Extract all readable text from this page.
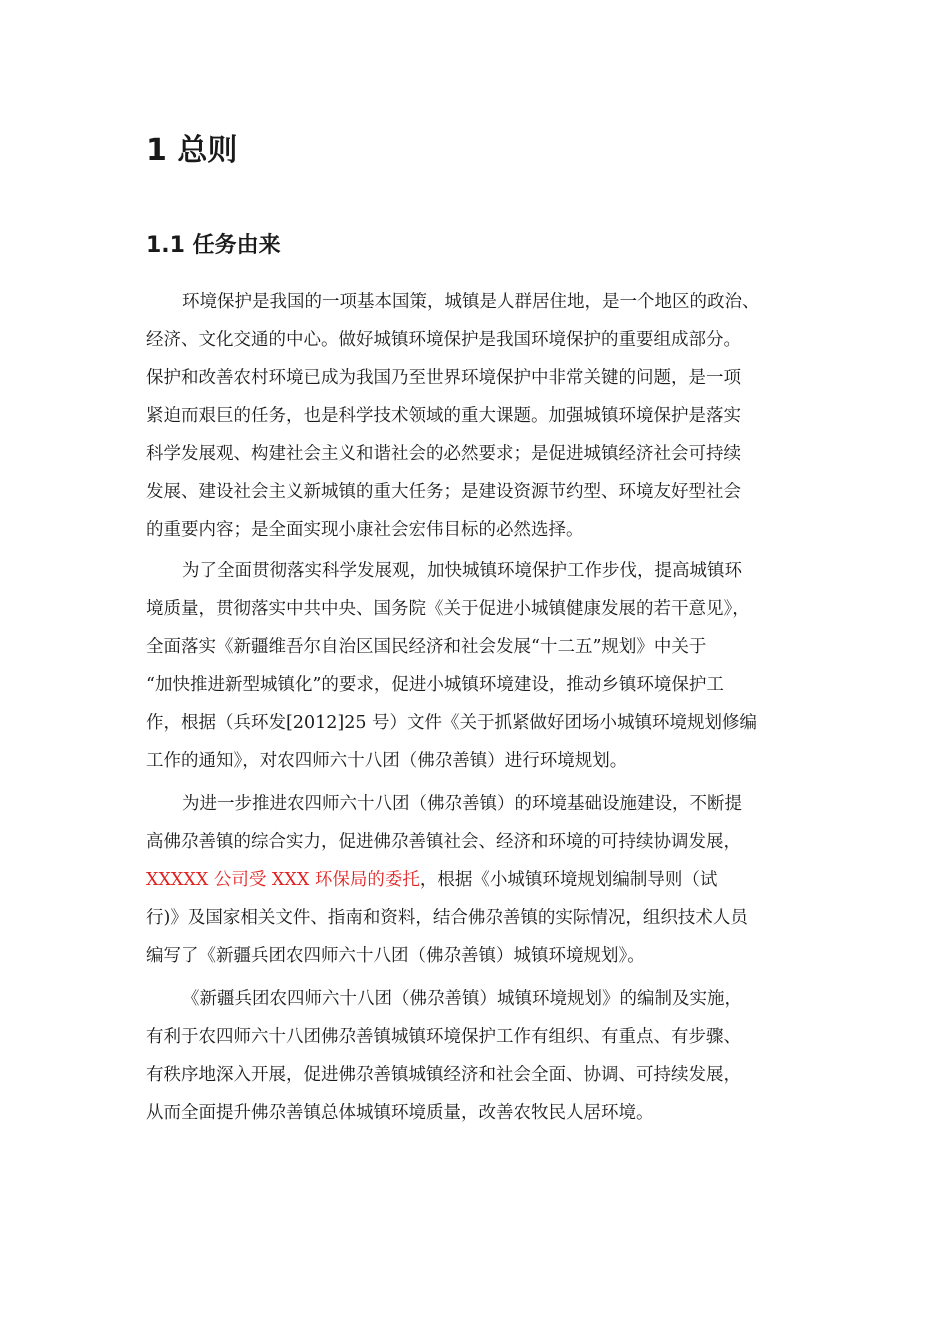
1 总则
1.1 任务由来
环境保护是我国的一项基本国策，城镇是人群居住地，是一个地区的政治、
经济、文化交通的中心。做好城镇环境保护是我国环境保护的重要组成部分。
保护和改善农村环境已成为我国乃至世界环境保护中非常关键的问题，是一项
紧迫而艰巨的任务，也是科学技术领域的重大课题。加强城镇环境保护是落实
科学发展观、构建社会主义和谐社会的必然要求；是促进城镇经济社会可持续
发展、建设社会主义新城镇的重大任务；是建设资源节约型、环境友好型社会
的重要内容；是全面实现小康社会宏伟目标的必然选择。
为了全面贯彻落实科学发展观，加快城镇环境保护工作步伐，提高城镇环
境质量，贯彻落实中共中央、国务院《关于促进小城镇健康发展的若干意见》，
全面落实《新疆维吾尔自治区国民经济和社会发展“十二五”规划》中关于
“加快推进新型城镇化”的要求，促进小城镇环境建设，推动乡镇环境保护工
作，根据（兵环发[2012]25 号）文件《关于抓紧做好团场小城镇环境规划修编
工作的通知》，对农四师六十八团（佛尕善镇）进行环境规划。
为进一步推进农四师六十八团（佛尕善镇）的环境基础设施建设，不断提
高佛尕善镇的综合实力，促进佛尕善镇社会、经济和环境的可持续协调发展，
XXXXX 公司受 XXX 环保局的委托，根据《小城镇环境规划编制导则（试
行)》及国家相关文件、指南和资料，结合佛尕善镇的实际情况，组织技术人员
编写了《新疆兵团农四师六十八团（佛尕善镇）城镇环境规划》。
《新疆兵团农四师六十八团（佛尕善镇）城镇环境规划》的编制及实施，
有利于农四师六十八团佛尕善镇城镇环境保护工作有组织、有重点、有步骤、
有秩序地深入开展，促进佛尕善镇城镇经济和社会全面、协调、可持续发展，
从而全面提升佛尕善镇总体城镇环境质量，改善农牧民人居环境。
